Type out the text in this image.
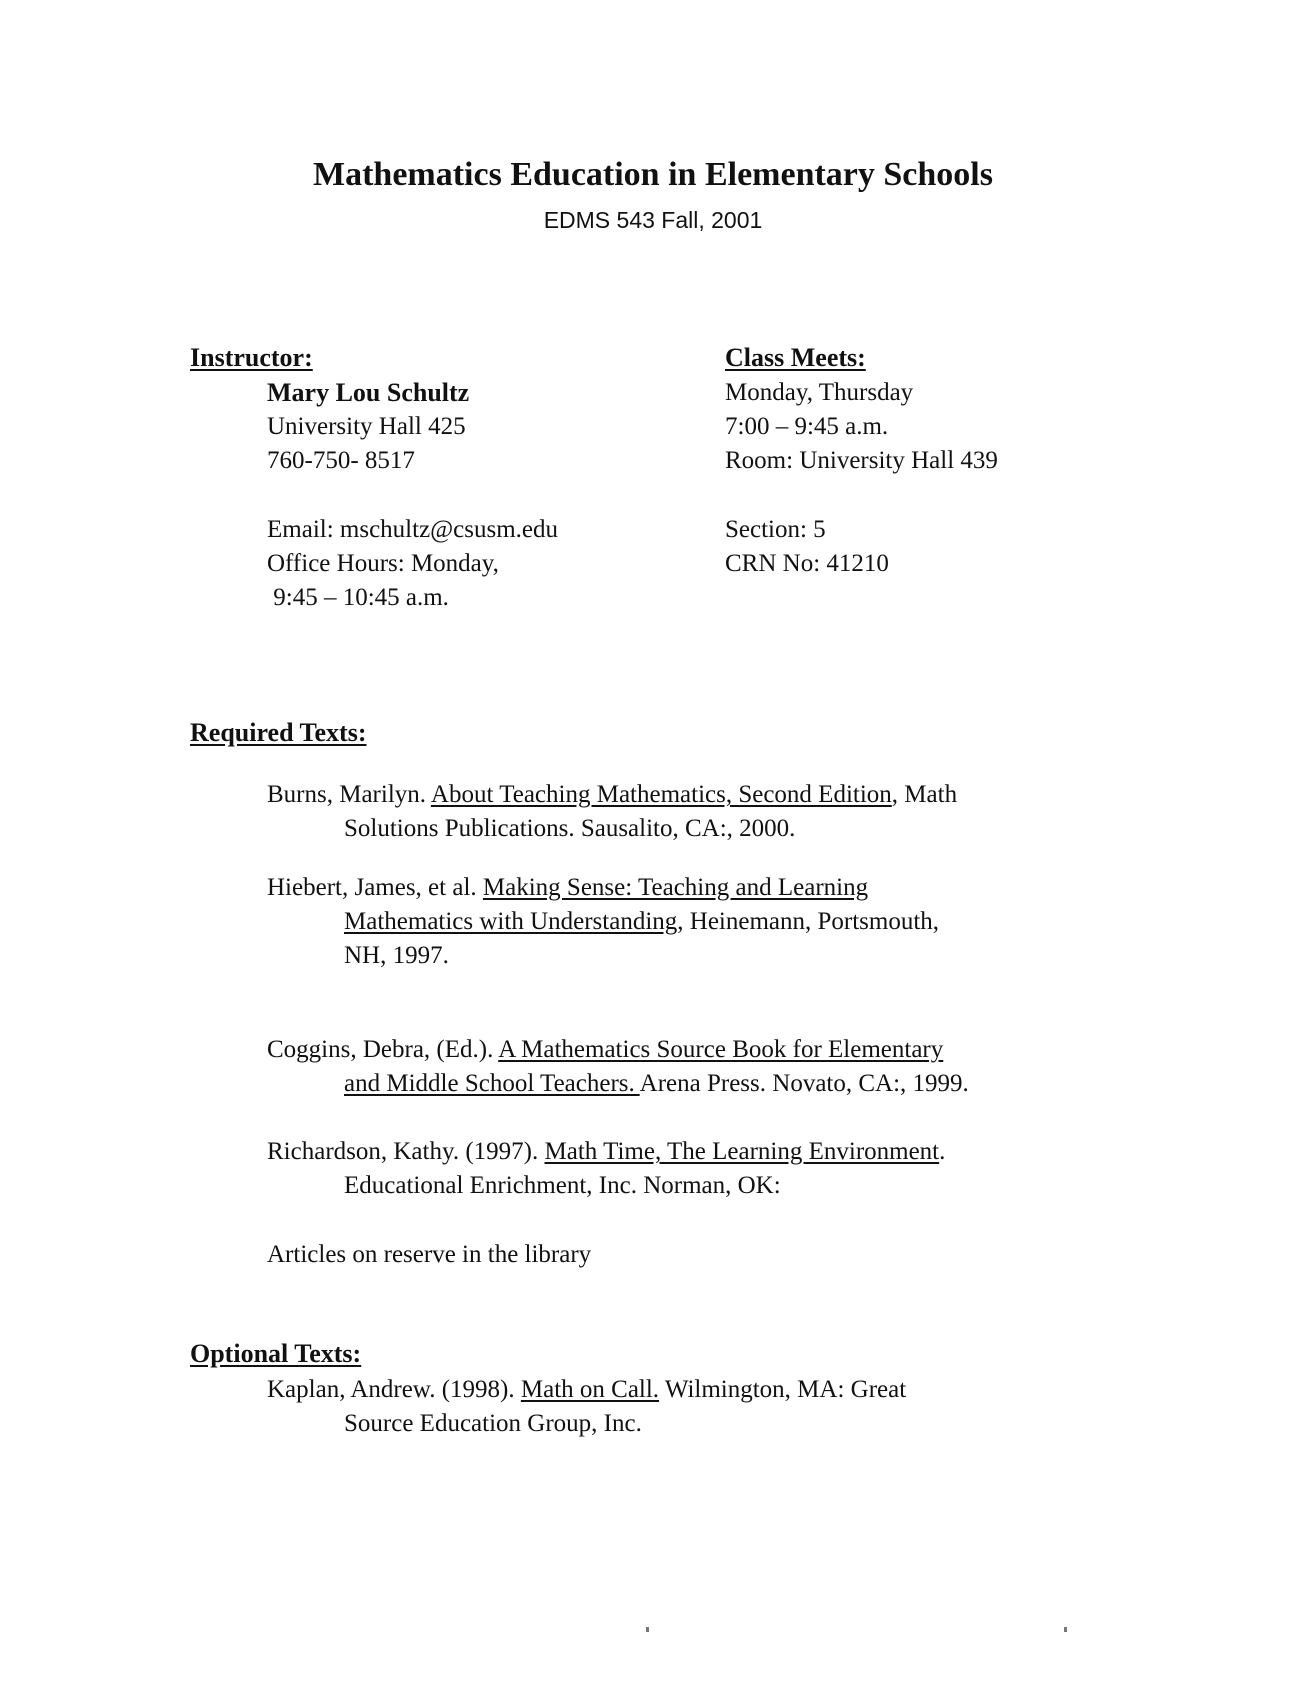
Mathematics Education in Elementary Schools
EDMS 543 Fall, 2001
Instructor:
Mary Lou Schultz
University Hall 425
760-750- 8517
Email: mschultz@csusm.edu
Office Hours: Monday,
9:45 – 10:45 a.m.
Class Meets:
Monday, Thursday
7:00 – 9:45 a.m.
Room: University Hall 439
Section: 5
CRN No: 41210
Required Texts:
Burns, Marilyn. About Teaching Mathematics, Second Edition, Math
Solutions Publications. Sausalito, CA:, 2000.
Hiebert, James, et al. Making Sense: Teaching and Learning
Mathematics with Understanding, Heinemann, Portsmouth,
NH, 1997.
Coggins, Debra, (Ed.). A Mathematics Source Book for Elementary
and Middle School Teachers. Arena Press. Novato, CA:, 1999.
Richardson, Kathy. (1997). Math Time, The Learning Environment.
Educational Enrichment, Inc. Norman, OK:
Articles on reserve in the library
Optional Texts:
Kaplan, Andrew. (1998). Math on Call. Wilmington, MA: Great
Source Education Group, Inc.
